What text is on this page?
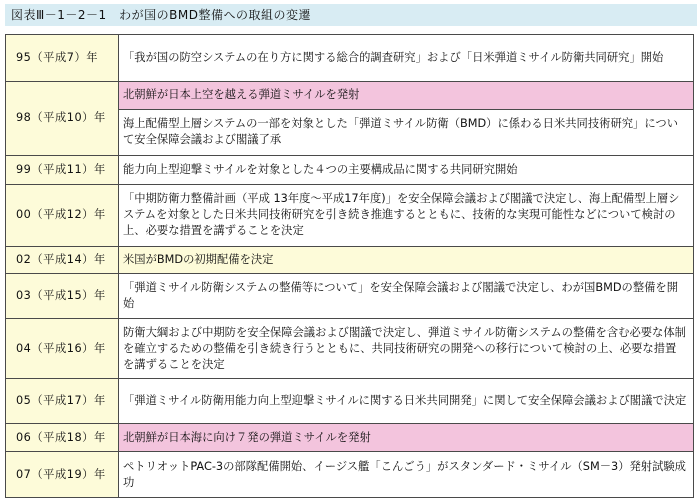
図表Ⅲ－1－2－1　わが国のBMD整備への取組の変遷
95（平成7）年	「我が国の防空システムの在り方に関する総合的調査研究」および「日米弾道ミサイル防衛共同研究」開始
98（平成10）年	北朝鮮が日本上空を越える弾道ミサイルを発射
	海上配備型上層システムの一部を対象とした「弾道ミサイル防衛（BMD）に係わる日米共同技術研究」について安全保障会議および閣議了承
99（平成11）年	能力向上型迎撃ミサイルを対象とした４つの主要構成品に関する共同研究開始
00（平成12）年	「中期防衛力整備計画（平成 13年度～平成17年度)」を安全保障会議および閣議で決定し、海上配備型上層システムを対象とした日米共同技術研究を引き続き推進するとともに、技術的な実現可能性などについて検討の上、必要な措置を講ずることを決定
02（平成14）年	米国がBMDの初期配備を決定
03（平成15）年	「弾道ミサイル防衛システムの整備等について」を安全保障会議および閣議で決定し、わが国BMDの整備を開始
04（平成16）年	防衛大綱および中期防を安全保障会議および閣議で決定し、弾道ミサイル防衛システムの整備を含む必要な体制を確立するための整備を引き続き行うとともに、共同技術研究の開発への移行について検討の上、必要な措置を講ずることを決定
05（平成17）年	「弾道ミサイル防衛用能力向上型迎撃ミサイルに関する日米共同開発」に関して安全保障会議および閣議で決定
06（平成18）年	北朝鮮が日本海に向け７発の弾道ミサイルを発射
07（平成19）年	ペトリオットPAC-3の部隊配備開始、イージス艦「こんごう」がスタンダード・ミサイル（SM－3）発射試験成功
